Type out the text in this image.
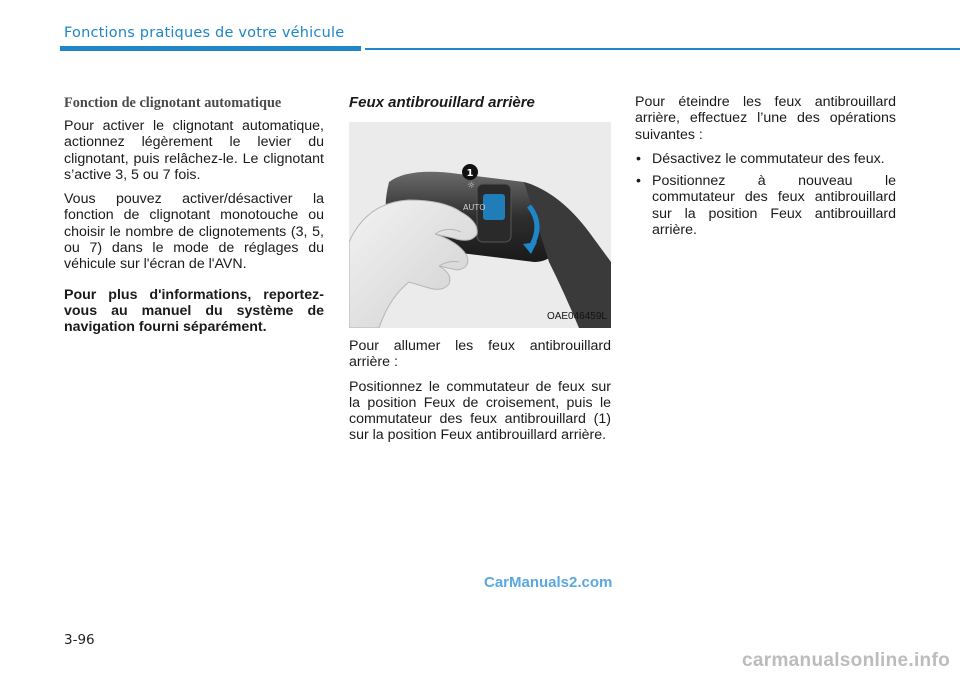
Fonctions pratiques de votre véhicule
Fonction de clignotant automatique

Pour activer le clignotant automatique, actionnez légèrement le levier du clignotant, puis relâchez-le. Le clignotant s’active 3, 5 ou 7 fois.

Vous pouvez activer/désactiver la fonction de clignotant monotouche ou choisir le nombre de clignotements (3, 5, ou 7) dans le mode de réglages du véhicule sur l'écran de l'AVN.

Pour plus d'informations, reportez-vous au manuel du système de navigation fourni séparément.

Feux antibrouillard arrière
AUTO
☼
1
OAE046459L

Pour allumer les feux antibrouillard arrière :

Positionnez le commutateur de feux sur la position Feux de croisement, puis le commutateur des feux antibrouillard (1) sur la position Feux antibrouillard arrière.

Pour éteindre les feux antibrouillard arrière, effectuez l’une des opérations suivantes :

• Désactivez le commutateur des feux.
• Positionnez à nouveau le commutateur des feux antibrouillard sur la position Feux antibrouillard arrière.
CarManuals2.com
3-96
carmanualsonline.info
